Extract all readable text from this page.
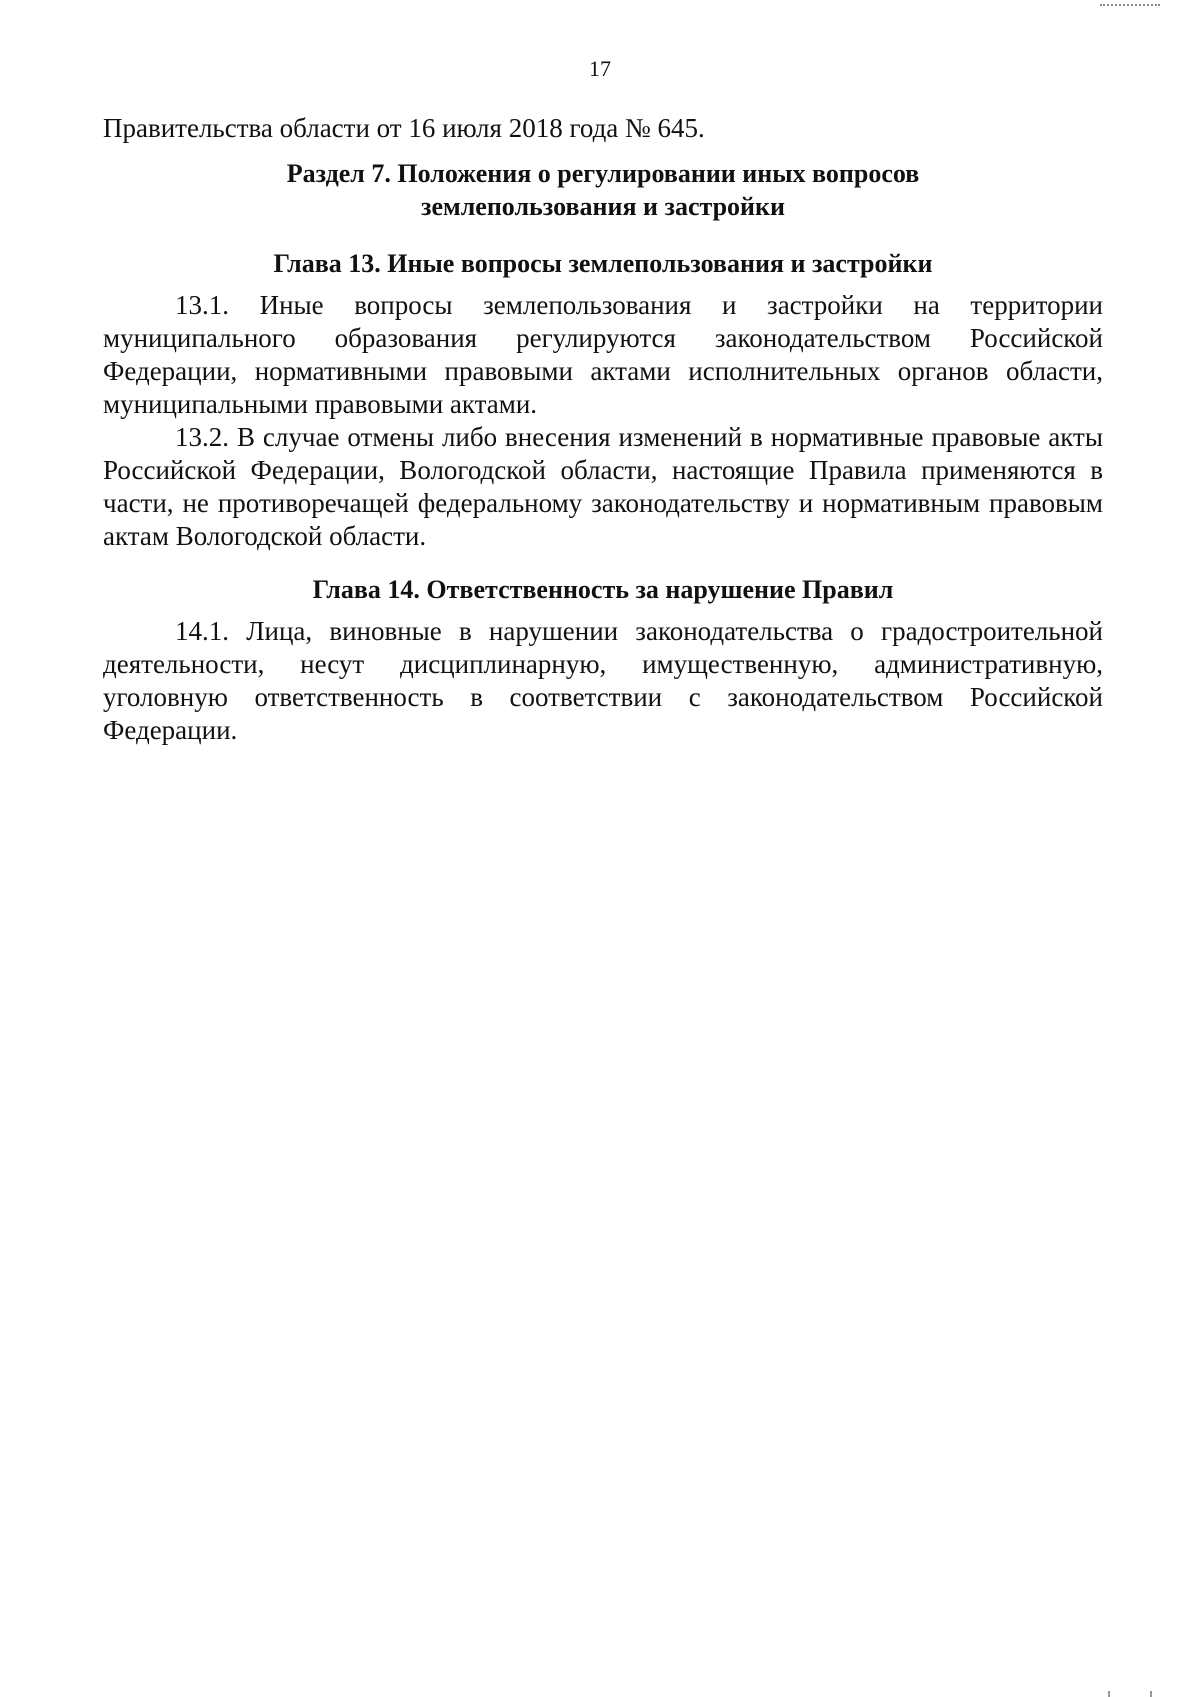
17

Правительства области от 16 июля 2018 года № 645.

Раздел 7. Положения о регулировании иных вопросов
землепользования и застройки
Глава 13. Иные вопросы землепользования и застройки

13.1. Иные вопросы землепользования и застройки на территории муниципального образования регулируются законодательством Российской Федерации, нормативными правовыми актами исполнительных органов области, муниципальными правовыми актами.

13.2. В случае отмены либо внесения изменений в нормативные правовые акты Российской Федерации, Вологодской области, настоящие Правила применяются в части, не противоречащей федеральному законодательству и нормативным правовым актам Вологодской области.

Глава 14. Ответственность за нарушение Правил

14.1. Лица, виновные в нарушении законодательства о градостроительной деятельности, несут дисциплинарную, имущественную, административную, уголовную ответственность в соответствии с законодательством Российской Федерации.
